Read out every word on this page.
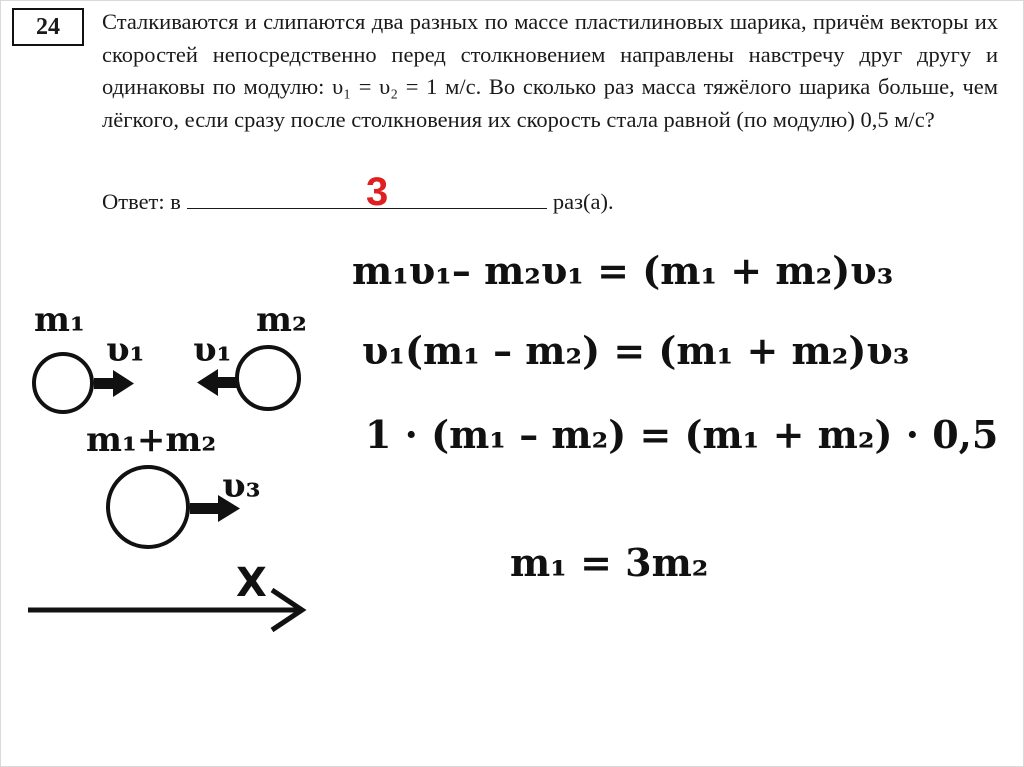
24	Сталкиваются и слипаются два разных по массе пластилиновых шарика, причём векторы их скоростей непосредственно перед столкновением направлены навстречу друг другу и одинаковы по модулю: υ₁ = υ₂ = 1 м/с. Во сколько раз масса тяжёлого шарика больше, чем лёгкого, если сразу после столкновения их скорость стала равной (по модулю) 0,5 м/с?
Ответ: в	раз(а).
3
m₁υ₁– m₂υ₁ = (m₁ + m₂)υ₃
υ₁(m₁ – m₂) = (m₁ + m₂)υ₃
1 · (m₁ – m₂) = (m₁ + m₂) · 0,5
m₁ = 3m₂
m₁
υ₁ υ₁
m₂
m₁+m₂
υ₃
X
